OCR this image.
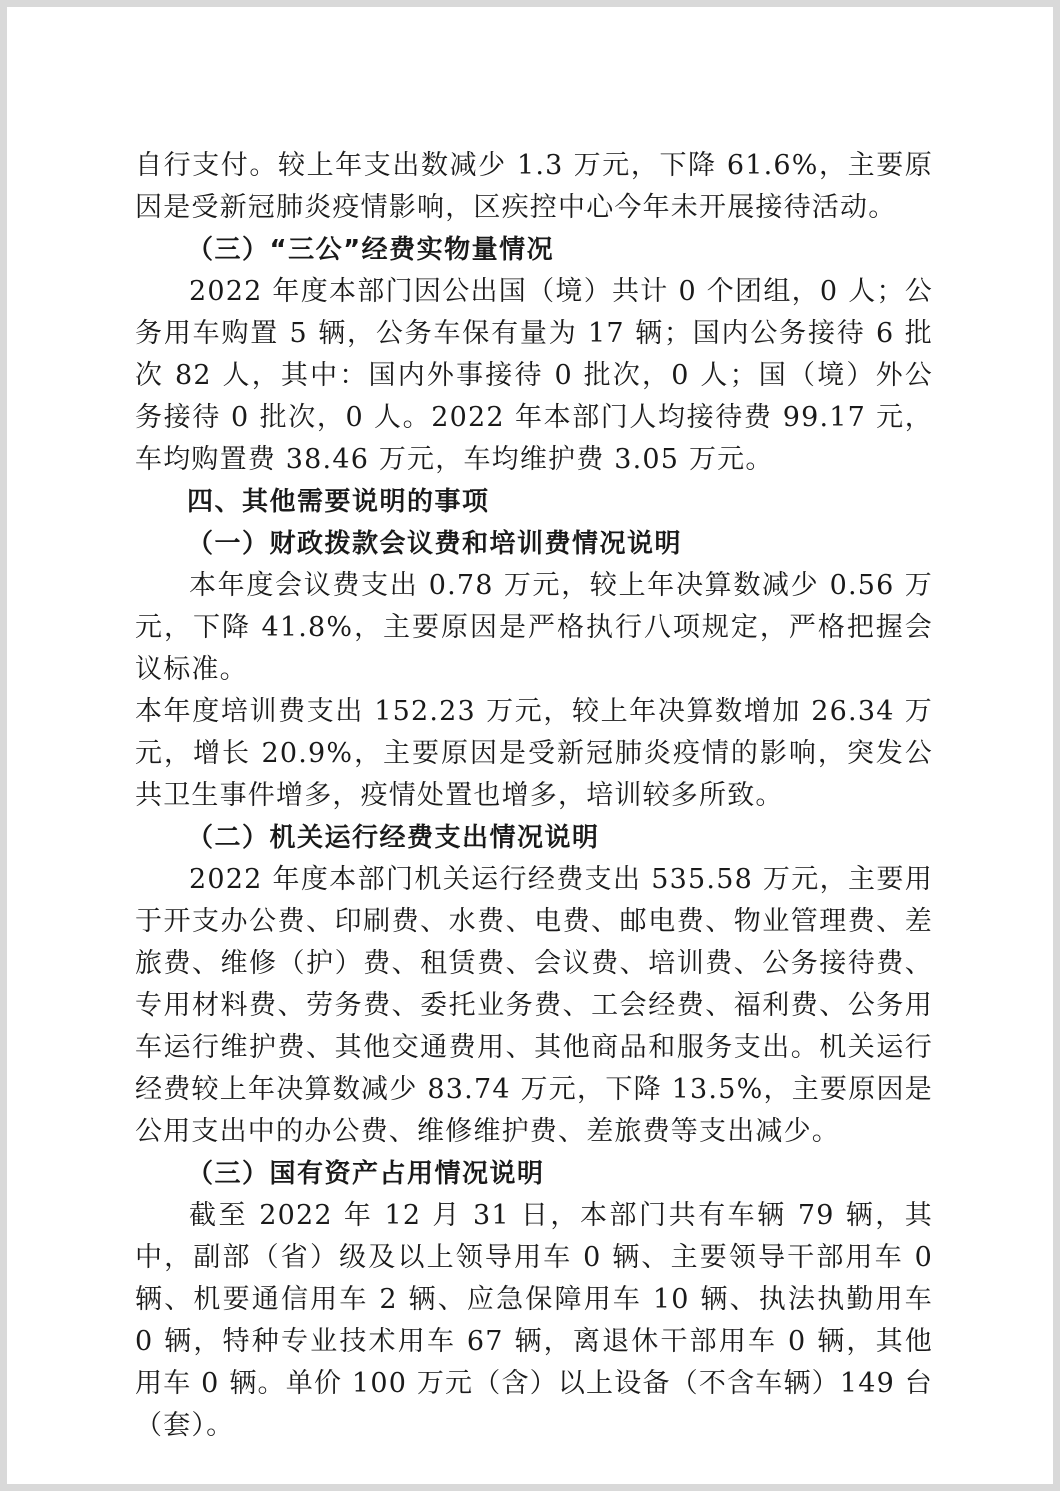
自行支付。较上年支出数减少 1.3 万元，下降 61.6%，主要原因是受新冠肺炎疫情影响，区疾控中心今年未开展接待活动。

（三）“三公”经费实物量情况

2022 年度本部门因公出国（境）共计 0 个团组，0 人；公务用车购置 5 辆，公务车保有量为 17 辆；国内公务接待 6 批次 82 人，其中：国内外事接待 0 批次，0 人；国（境）外公务接待 0 批次，0 人。2022 年本部门人均接待费 99.17 元，车均购置费 38.46 万元，车均维护费 3.05 万元。

四、其他需要说明的事项

（一）财政拨款会议费和培训费情况说明

本年度会议费支出 0.78 万元，较上年决算数减少 0.56 万元，下降 41.8%，主要原因是严格执行八项规定，严格把握会议标准。

本年度培训费支出 152.23 万元，较上年决算数增加 26.34 万元，增长 20.9%，主要原因是受新冠肺炎疫情的影响，突发公共卫生事件增多，疫情处置也增多，培训较多所致。

（二）机关运行经费支出情况说明

2022 年度本部门机关运行经费支出 535.58 万元，主要用于开支办公费、印刷费、水费、电费、邮电费、物业管理费、差旅费、维修（护）费、租赁费、会议费、培训费、公务接待费、专用材料费、劳务费、委托业务费、工会经费、福利费、公务用车运行维护费、其他交通费用、其他商品和服务支出。机关运行经费较上年决算数减少 83.74 万元，下降 13.5%，主要原因是公用支出中的办公费、维修维护费、差旅费等支出减少。

（三）国有资产占用情况说明

截至 2022 年 12 月 31 日，本部门共有车辆 79 辆，其中，副部（省）级及以上领导用车 0 辆、主要领导干部用车 0 辆、机要通信用车 2 辆、应急保障用车 10 辆、执法执勤用车 0 辆，特种专业技术用车 67 辆，离退休干部用车 0 辆，其他用车 0 辆。单价 100 万元（含）以上设备（不含车辆）149 台（套）。
